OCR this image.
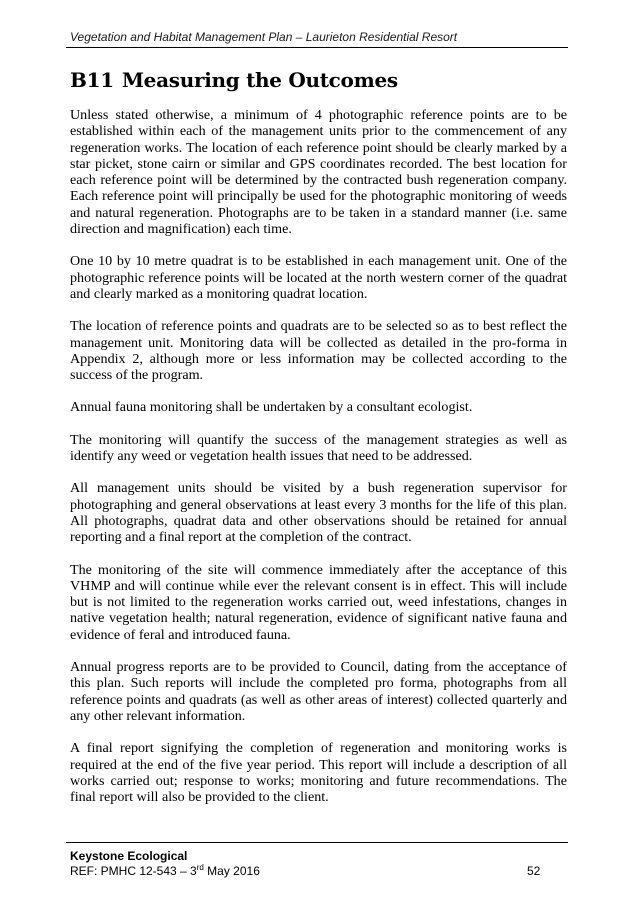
Vegetation and Habitat Management Plan – Laurieton Residential Resort
B11 Measuring the Outcomes

Unless stated otherwise, a minimum of 4 photographic reference points are to be established within each of the management units prior to the commencement of any regeneration works. The location of each reference point should be clearly marked by a star picket, stone cairn or similar and GPS coordinates recorded. The best location for each reference point will be determined by the contracted bush regeneration company. Each reference point will principally be used for the photographic monitoring of weeds and natural regeneration. Photographs are to be taken in a standard manner (i.e. same direction and magnification) each time.

One 10 by 10 metre quadrat is to be established in each management unit. One of the photographic reference points will be located at the north western corner of the quadrat and clearly marked as a monitoring quadrat location.

The location of reference points and quadrats are to be selected so as to best reflect the management unit. Monitoring data will be collected as detailed in the pro-forma in Appendix 2, although more or less information may be collected according to the success of the program.

Annual fauna monitoring shall be undertaken by a consultant ecologist.

The monitoring will quantify the success of the management strategies as well as identify any weed or vegetation health issues that need to be addressed.

All management units should be visited by a bush regeneration supervisor for photographing and general observations at least every 3 months for the life of this plan. All photographs, quadrat data and other observations should be retained for annual reporting and a final report at the completion of the contract.

The monitoring of the site will commence immediately after the acceptance of this VHMP and will continue while ever the relevant consent is in effect. This will include but is not limited to the regeneration works carried out, weed infestations, changes in native vegetation health; natural regeneration, evidence of significant native fauna and evidence of feral and introduced fauna.

Annual progress reports are to be provided to Council, dating from the acceptance of this plan. Such reports will include the completed pro forma, photographs from all reference points and quadrats (as well as other areas of interest) collected quarterly and any other relevant information.

A final report signifying the completion of regeneration and monitoring works is required at the end of the five year period. This report will include a description of all works carried out; response to works; monitoring and future recommendations. The final report will also be provided to the client.

Keystone Ecological
REF: PMHC 12-543 – 3rd May 2016	52
